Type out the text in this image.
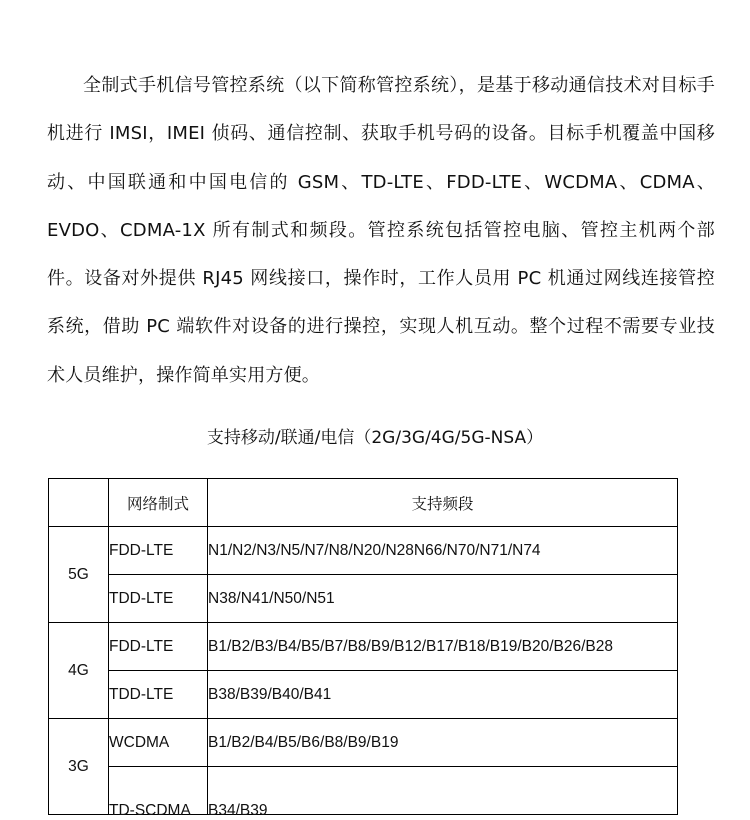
全制式手机信号管控系统（以下简称管控系统），是基于移动通信技术对目标手机进行 IMSI，IMEI 侦码、通信控制、获取手机号码的设备。目标手机覆盖中国移动、中国联通和中国电信的 GSM、TD-LTE、FDD-LTE、WCDMA、CDMA、EVDO、CDMA-1X 所有制式和频段。管控系统包括管控电脑、管控主机两个部件。设备对外提供 RJ45 网线接口，操作时，工作人员用 PC 机通过网线连接管控系统，借助 PC 端软件对设备的进行操控，实现人机互动。整个过程不需要专业技术人员维护，操作简单实用方便。

支持移动/联通/电信（2G/3G/4G/5G-NSA）
	网络制式	支持频段
5G	FDD-LTE	N1/N2/N3/N5/N7/N8/N20/N28N66/N70/N71/N74
	TDD-LTE	N38/N41/N50/N51
4G	FDD-LTE	B1/B2/B3/B4/B5/B7/B8/B9/B12/B17/B18/B19/B20/B26/B28
	TDD-LTE	B38/B39/B40/B41
3G	WCDMA	B1/B2/B4/B5/B6/B8/B9/B19

	TD-SCDMA	B34/B39
